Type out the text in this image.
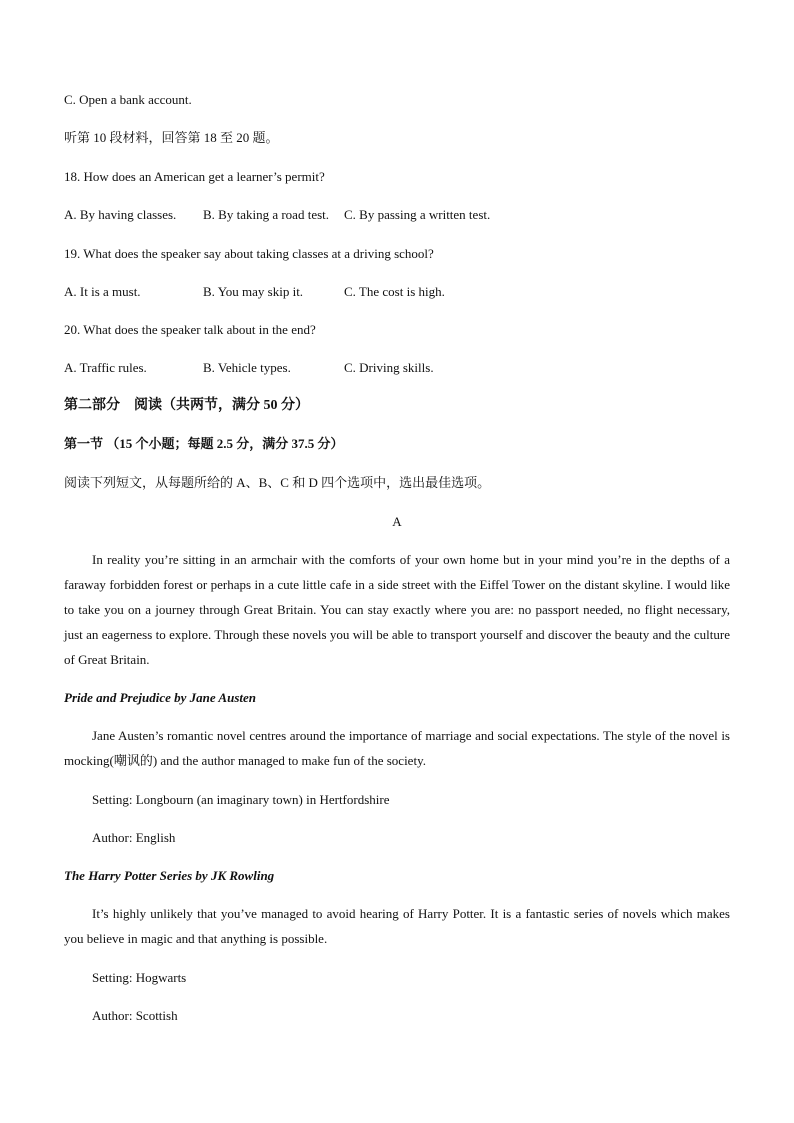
C. Open a bank account.
听第 10 段材料，回答第 18 至 20 题。
18. How does an American get a learner’s permit?
A. By having classes. B. By taking a road test. C. By passing a written test.
19. What does the speaker say about taking classes at a driving school?
A. It is a must.	B. You may skip it.	C. The cost is high.
20. What does the speaker talk about in the end?
A. Traffic rules.	B. Vehicle types.	C. Driving skills.
第二部分　阅读（共两节，满分 50 分）
第一节 （15 个小题；每题 2.5 分，满分 37.5 分）
阅读下列短文，从每题所给的 A、B、C 和 D 四个选项中，选出最佳选项。
A

In reality you’re sitting in an armchair with the comforts of your own home but in your mind you’re in the depths of a faraway forbidden forest or perhaps in a cute little cafe in a side street with the Eiffel Tower on the distant skyline. I would like to take you on a journey through Great Britain. You can stay exactly where you are: no passport needed, no flight necessary, just an eagerness to explore. Through these novels you will be able to transport yourself and discover the beauty and the culture of Great Britain.

Pride and Prejudice by Jane Austen

Jane Austen’s romantic novel centres around the importance of marriage and social expectations. The style of the novel is mocking(嘲讽的) and the author managed to make fun of the society.

Setting: Longbourn (an imaginary town) in Hertfordshire
Author: English
The Harry Potter Series by JK Rowling

It’s highly unlikely that you’ve managed to avoid hearing of Harry Potter. It is a fantastic series of novels which makes you believe in magic and that anything is possible.

Setting: Hogwarts
Author: Scottish
